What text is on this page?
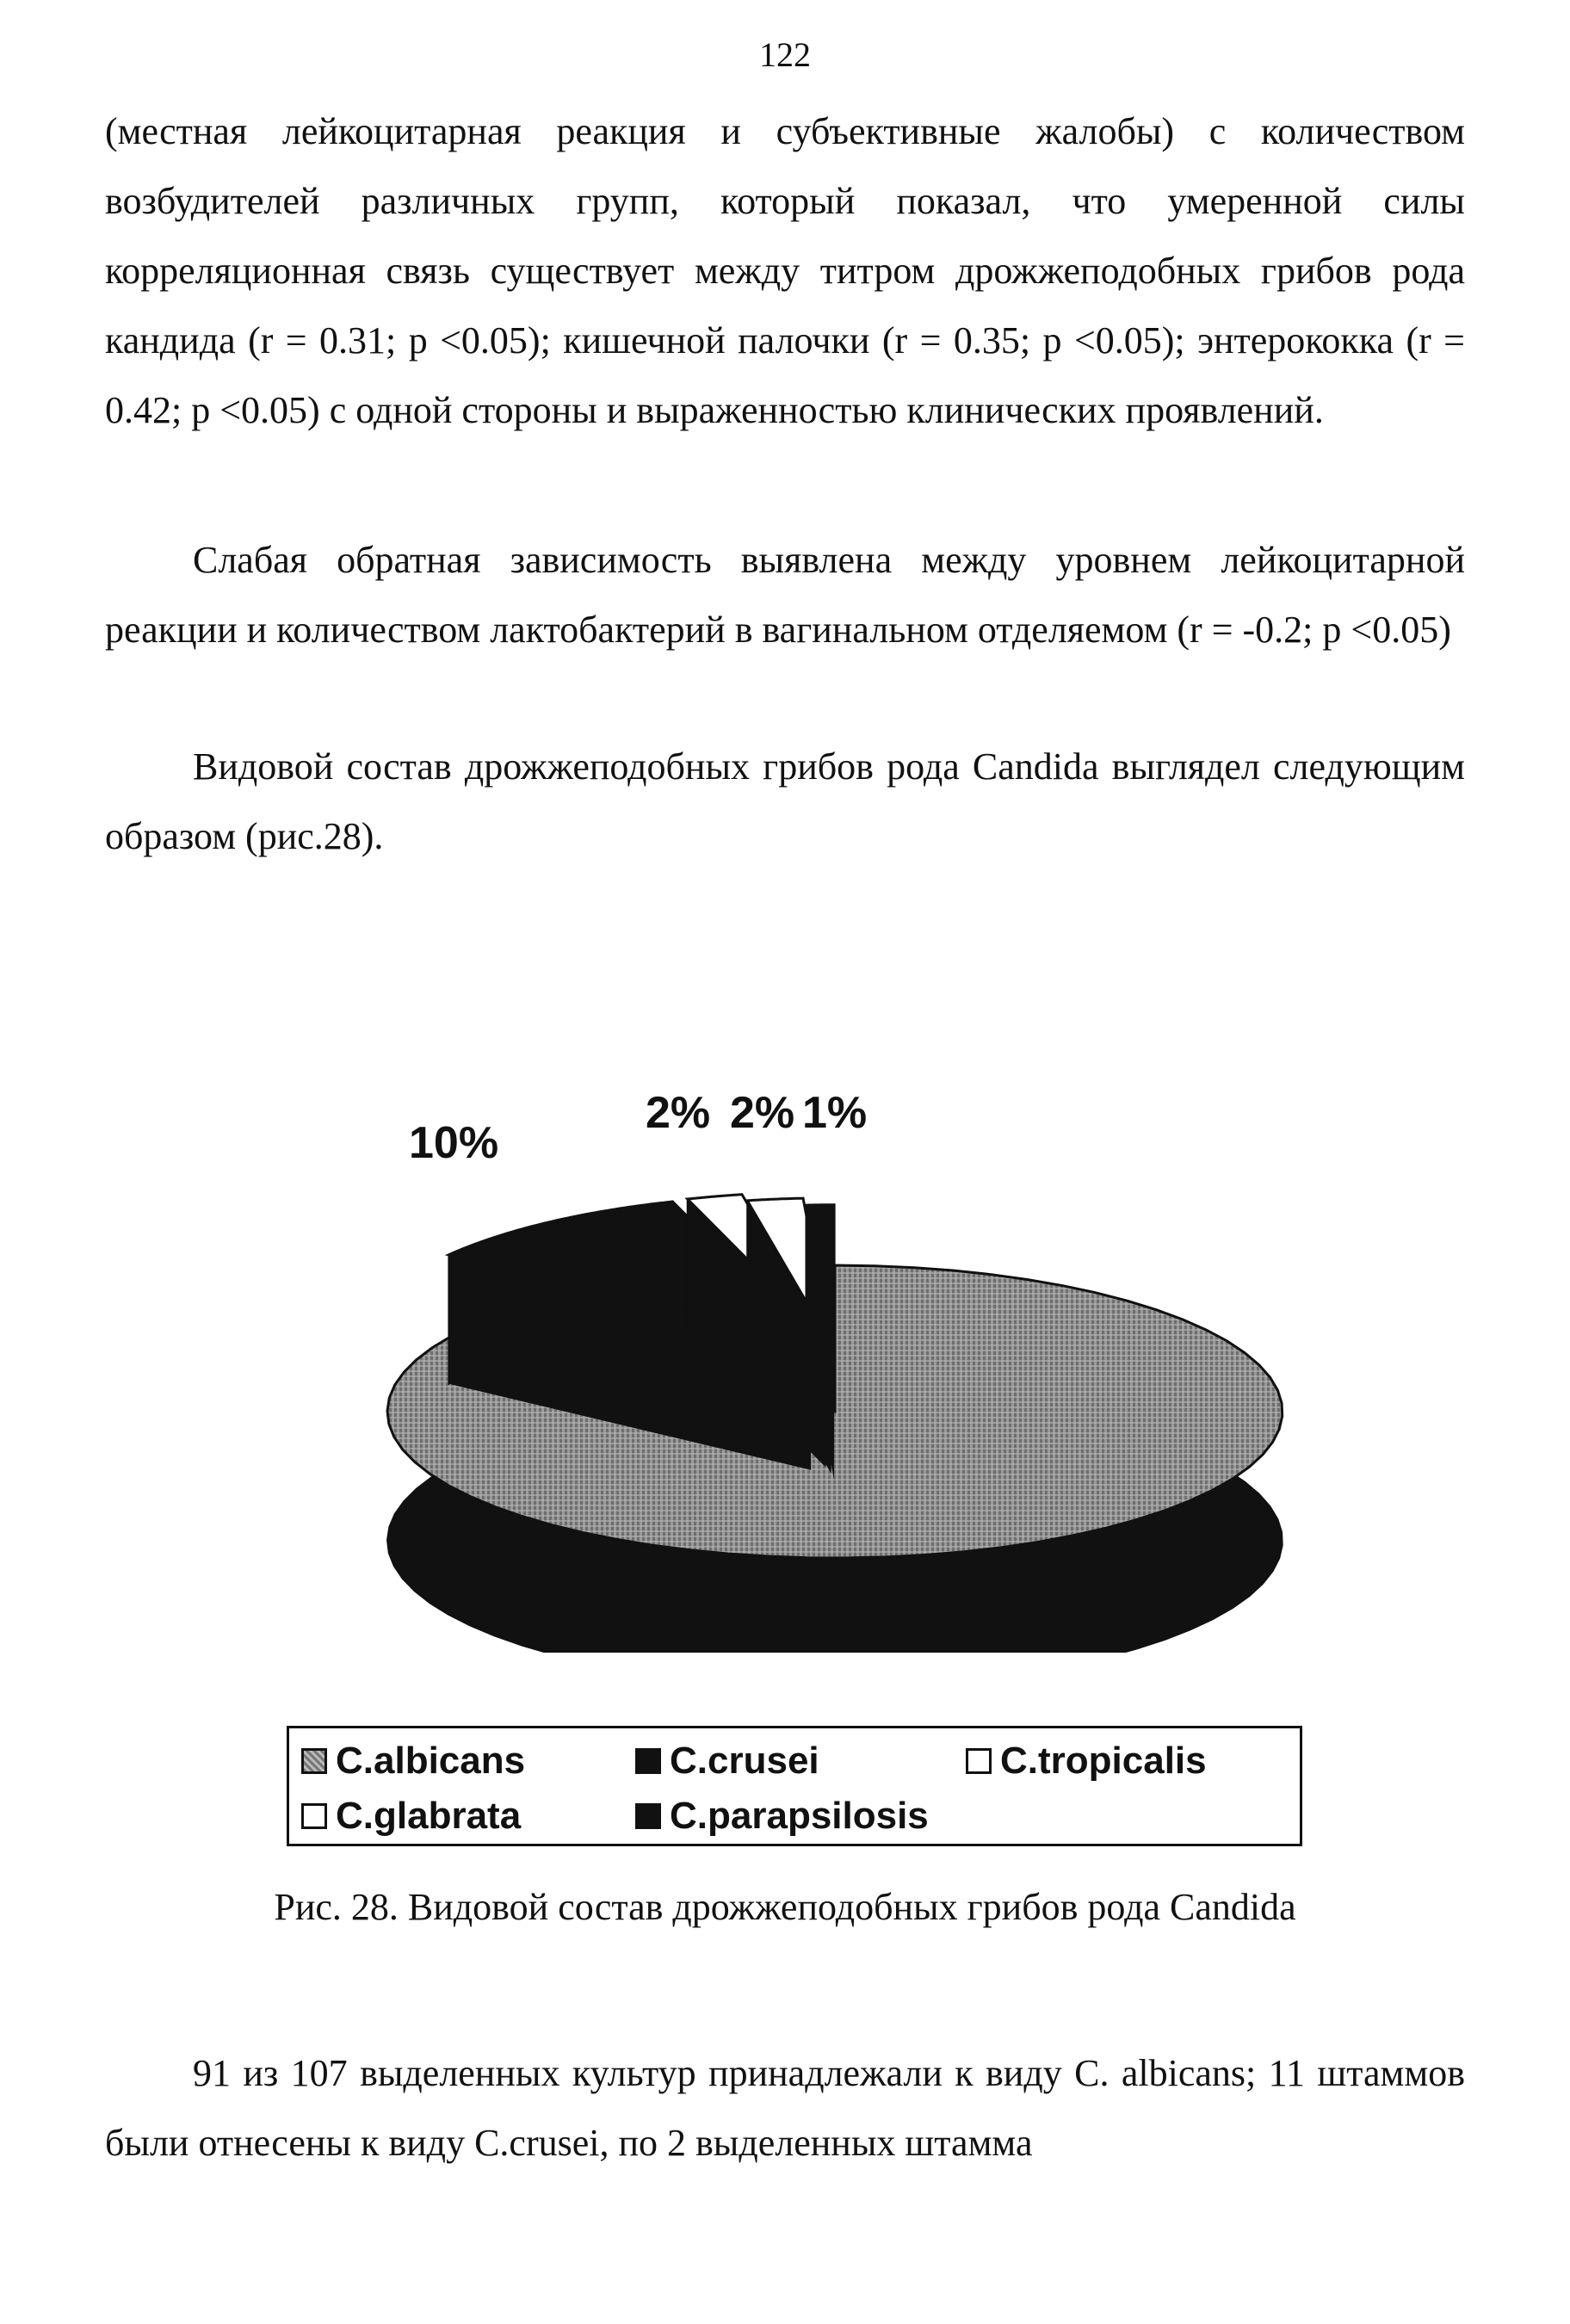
122

(местная лейкоцитарная реакция и субъективные жалобы) с количеством возбудителей различных групп, который показал, что умеренной силы корреляционная связь существует между титром дрожжеподобных грибов рода кандида (r = 0.31; p <0.05); кишечной палочки (r = 0.35; p <0.05); энтерококка (r = 0.42; p <0.05) с одной стороны и выраженностью клинических проявлений.

Слабая обратная зависимость выявлена между уровнем лейкоцитарной реакции и количеством лактобактерий в вагинальном отделяемом (r = -0.2; p <0.05)

Видовой состав дрожжеподобных грибов рода Candida выглядел следующим образом (рис.28).

85%
10%
2% 2% 1%
C.albicans	C.crusei	C.tropicalis
C.glabrata	C.parapsilosis
Рис. 28. Видовой состав дрожжеподобных грибов рода Candida

91 из 107 выделенных культур принадлежали к виду C. albicans; 11 штаммов были отнесены к виду C.crusei, по 2 выделенных штамма
